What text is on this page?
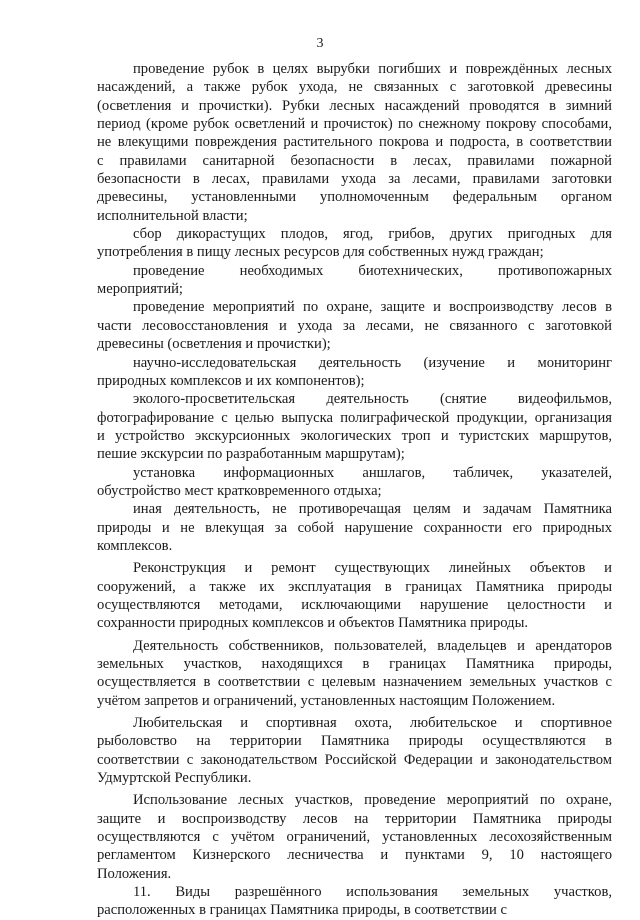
3
проведение рубок в целях вырубки погибших и повреждённых лесных
насаждений, а также рубок ухода, не связанных с заготовкой древесины
(осветления и прочистки). Рубки лесных насаждений проводятся в зимний
период (кроме рубок осветлений и прочисток) по снежному покрову способами,
не влекущими повреждения растительного покрова и подроста, в соответствии
с правилами санитарной безопасности в лесах, правилами пожарной
безопасности в лесах, правилами ухода за лесами, правилами заготовки
древесины, установленными уполномоченным федеральным органом
исполнительной власти;
сбор дикорастущих плодов, ягод, грибов, других пригодных для
употребления в пищу лесных ресурсов для собственных нужд граждан;
проведение необходимых биотехнических, противопожарных
мероприятий;
проведение мероприятий по охране, защите и воспроизводству лесов в
части лесовосстановления и ухода за лесами, не связанного с заготовкой
древесины (осветления и прочистки);
научно-исследовательская деятельность (изучение и мониторинг
природных комплексов и их компонентов);
эколого-просветительская деятельность (снятие видеофильмов,
фотографирование с целью выпуска полиграфической продукции, организация
и устройство экскурсионных экологических троп и туристских маршрутов,
пешие экскурсии по разработанным маршрутам);
установка информационных аншлагов, табличек, указателей,
обустройство мест кратковременного отдыха;
иная деятельность, не противоречащая целям и задачам Памятника
природы и не влекущая за собой нарушение сохранности его природных
комплексов.
Реконструкция и ремонт существующих линейных объектов и
сооружений, а также их эксплуатация в границах Памятника природы
осуществляются методами, исключающими нарушение целостности и
сохранности природных комплексов и объектов Памятника природы.
Деятельность собственников, пользователей, владельцев и арендаторов
земельных участков, находящихся в границах Памятника природы,
осуществляется в соответствии с целевым назначением земельных участков с
учётом запретов и ограничений, установленных настоящим Положением.
Любительская и спортивная охота, любительское и спортивное
рыболовство на территории Памятника природы осуществляются в
соответствии с законодательством Российской Федерации и законодательством
Удмуртской Республики.
Использование лесных участков, проведение мероприятий по охране,
защите и воспроизводству лесов на территории Памятника природы
осуществляются с учётом ограничений, установленных лесохозяйственным
регламентом Кизнерского лесничества и пунктами 9, 10 настоящего
Положения.
11. Виды разрешённого использования земельных участков,
расположенных в границах Памятника природы, в соответствии с
